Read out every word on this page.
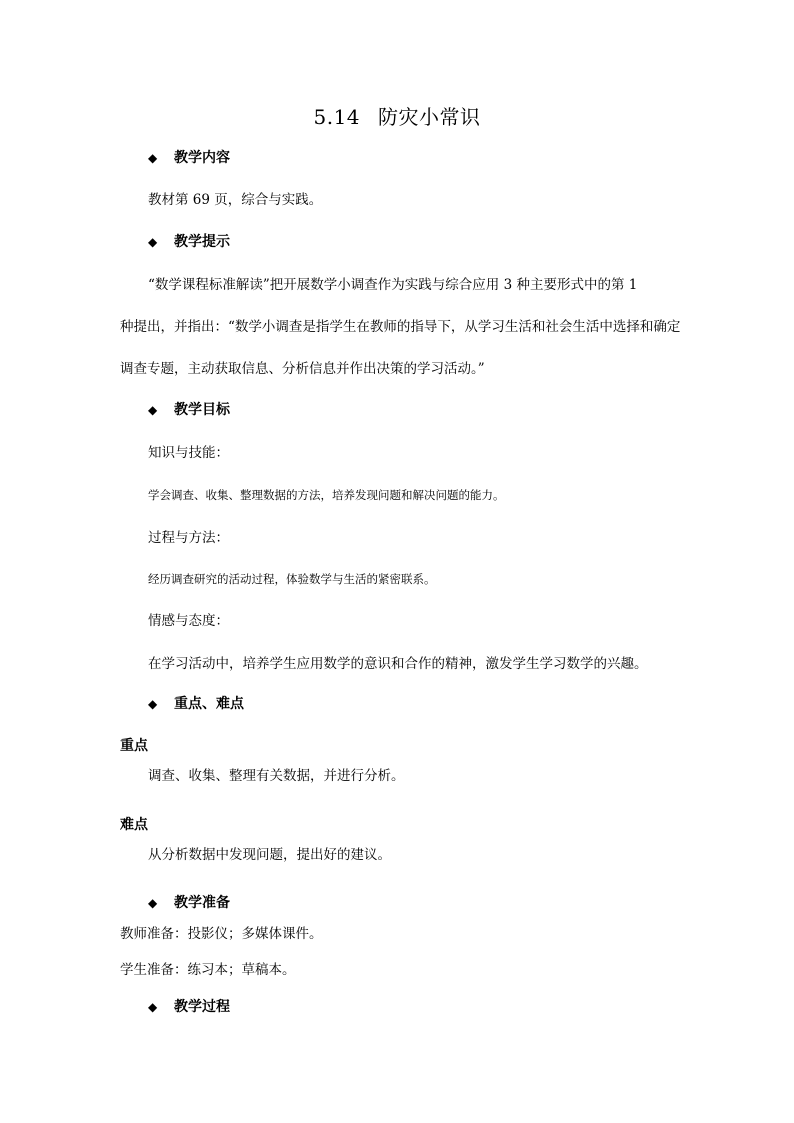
5.14 防灾小常识
◆ 教学内容
教材第 69 页，综合与实践。
◆ 教学提示
“数学课程标准解读”把开展数学小调查作为实践与综合应用 3 种主要形式中的第 1
种提出，并指出：“数学小调查是指学生在教师的指导下，从学习生活和社会生活中选择和确定
调查专题，主动获取信息、分析信息并作出决策的学习活动。”
◆ 教学目标
知识与技能：
学会调查、收集、整理数据的方法，培养发现问题和解决问题的能力。
过程与方法：
经历调查研究的活动过程，体验数学与生活的紧密联系。
情感与态度：
在学习活动中，培养学生应用数学的意识和合作的精神，激发学生学习数学的兴趣。
◆ 重点、难点
重点
调查、收集、整理有关数据，并进行分析。
难点
从分析数据中发现问题，提出好的建议。
◆ 教学准备
教师准备：投影仪；多媒体课件。
学生准备：练习本；草稿本。
◆ 教学过程
